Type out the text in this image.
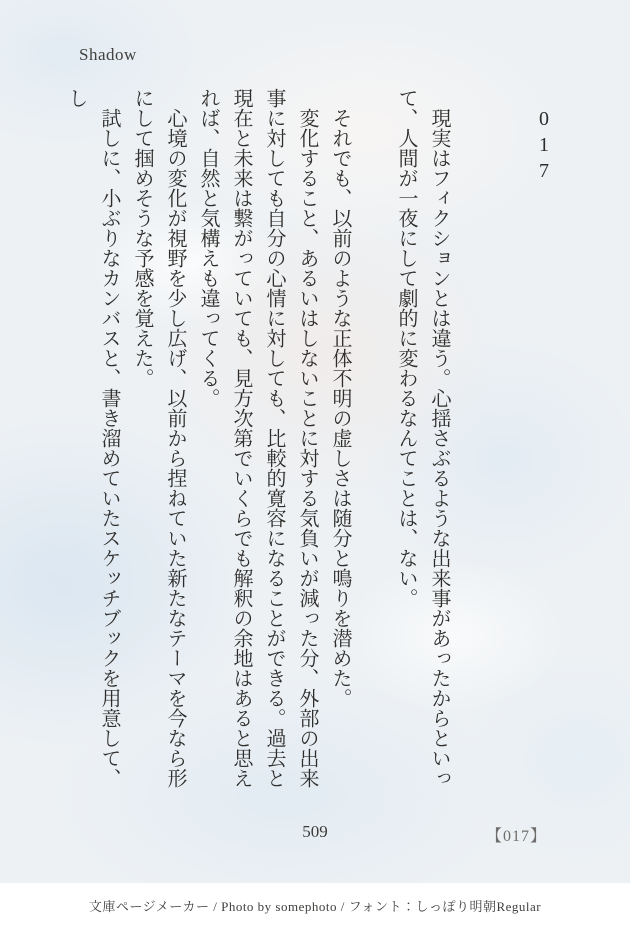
Shadow
017

現実はフィクションとは違う。心揺さぶるような出来事があったからといって、人間が一夜にして劇的に変わるなんてことは、ない。

それでも、以前のような正体不明の虚しさは随分と鳴りを潜めた。

変化すること、あるいはしないことに対する気負いが減った分、外部の出来事に対しても自分の心情に対しても、比較的寛容になることができる。過去と現在と未来は繋がっていても、見方次第でいくらでも解釈の余地はあると思えれば、自然と気構えも違ってくる。

心境の変化が視野を少し広げ、以前から捏ねていた新たなテーマを今なら形にして掴めそうな予感を覚えた。

試しに、小ぶりなカンバスと、書き溜めていたスケッチブックを用意して、し

509	【017】
文庫ページメーカー / Photo by somephoto / フォント：しっぽり明朝Regular
